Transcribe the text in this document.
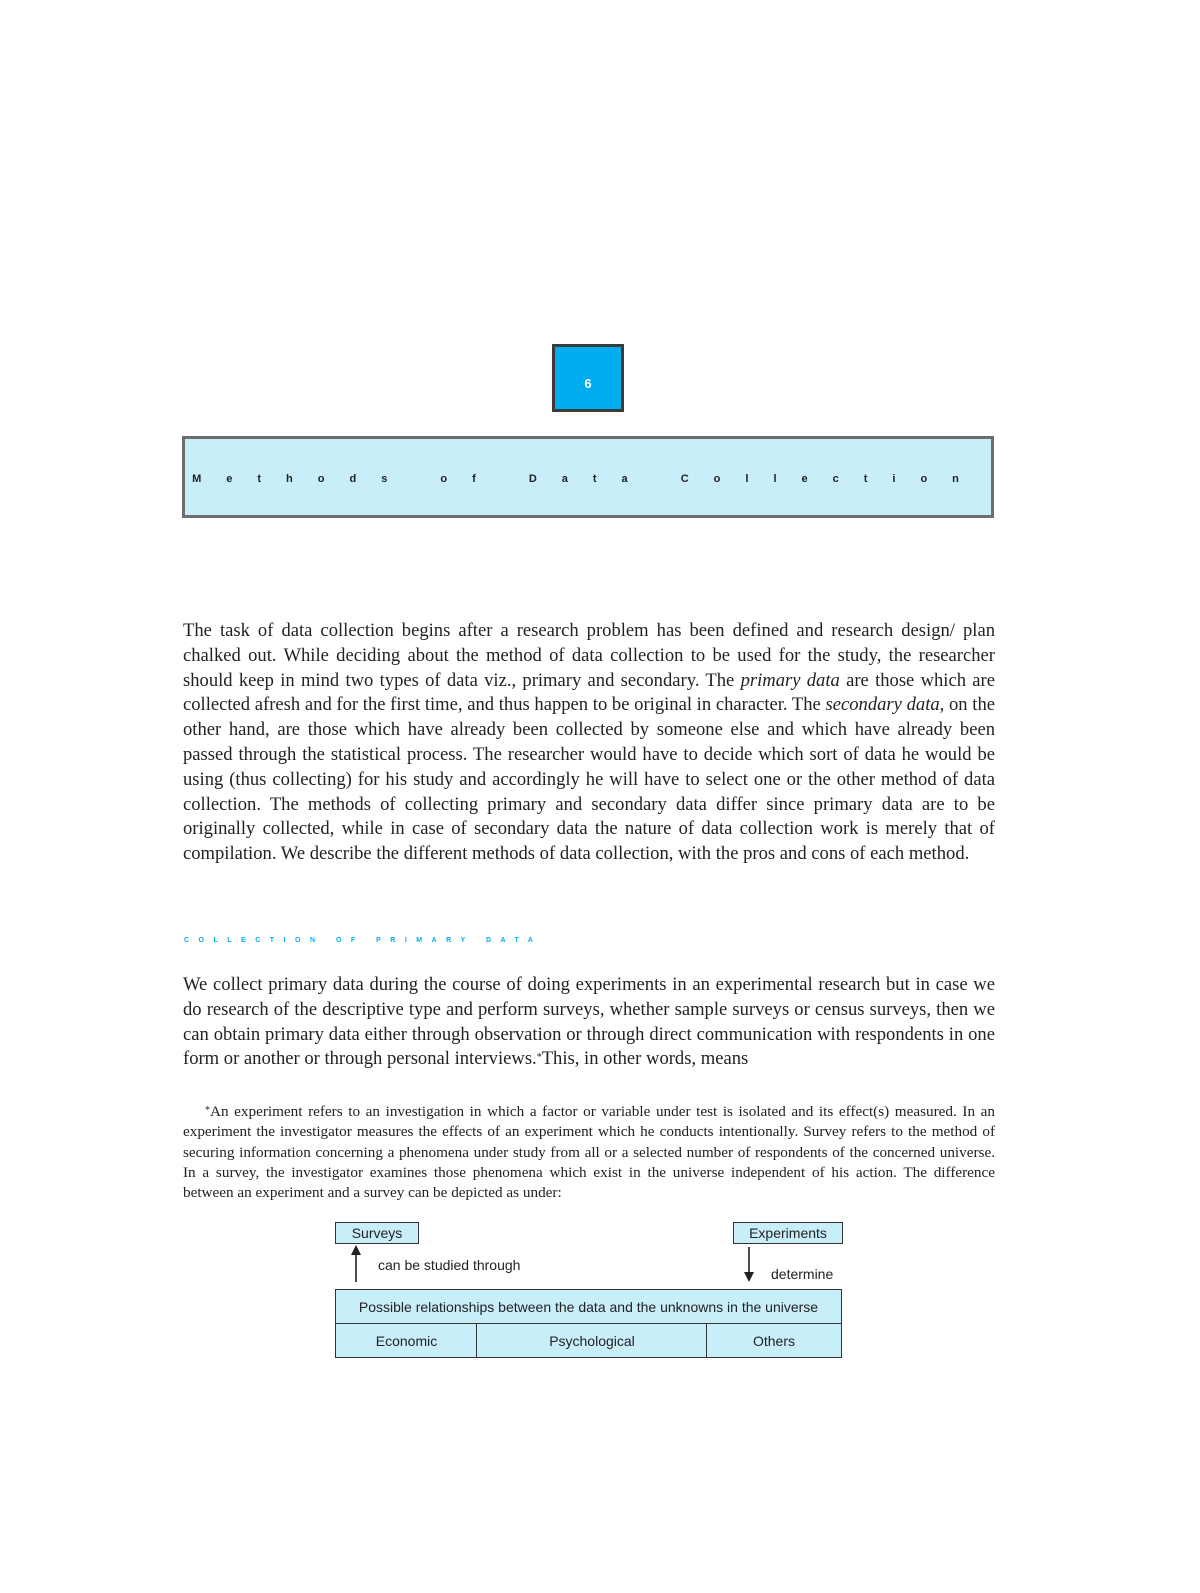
6
Methods of Data Collection

The task of data collection begins after a research problem has been defined and research design/ plan chalked out. While deciding about the method of data collection to be used for the study, the researcher should keep in mind two types of data viz., primary and secondary. The primary data are those which are collected afresh and for the first time, and thus happen to be original in character. The secondary data, on the other hand, are those which have already been collected by someone else and which have already been passed through the statistical process. The researcher would have to decide which sort of data he would be using (thus collecting) for his study and accordingly he will have to select one or the other method of data collection. The methods of collecting primary and secondary data differ since primary data are to be originally collected, while in case of secondary data the nature of data collection work is merely that of compilation. We describe the different methods of data collection, with the pros and cons of each method.

COLLECTION OF PRIMARY DATA

We collect primary data during the course of doing experiments in an experimental research but in case we do research of the descriptive type and perform surveys, whether sample surveys or census surveys, then we can obtain primary data either through observation or through direct communication with respondents in one form or another or through personal interviews.*This, in other words, means

*An experiment refers to an investigation in which a factor or variable under test is isolated and its effect(s) measured. In an experiment the investigator measures the effects of an experiment which he conducts intentionally. Survey refers to the method of securing information concerning a phenomena under study from all or a selected number of respondents of the concerned universe. In a survey, the investigator examines those phenomena which exist in the universe independent of his action. The difference between an experiment and a survey can be depicted as under:

Surveys	Experiments
can be studied through
determine
Possible relationships between the data and the unknowns in the universe
Economic	Psychological	Others
